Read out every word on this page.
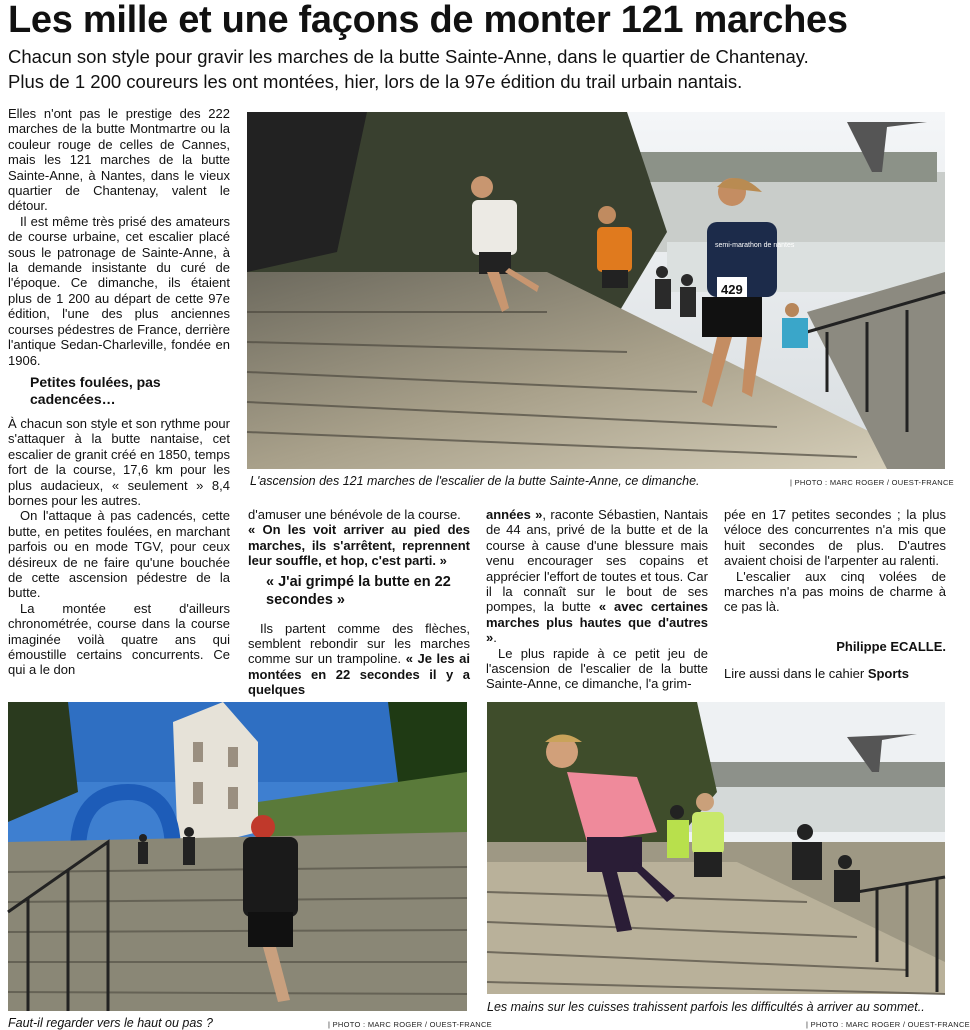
Les mille et une façons de monter 121 marches
Chacun son style pour gravir les marches de la butte Sainte-Anne, dans le quartier de Chantenay.
Plus de 1 200 coureurs les ont montées, hier, lors de la 97e édition du trail urbain nantais.

Elles n'ont pas le prestige des 222 marches de la butte Montmartre ou la couleur rouge de celles de Cannes, mais les 121 marches de la butte Sainte-Anne, à Nantes, dans le vieux quartier de Chantenay, valent le détour.

Il est même très prisé des amateurs de course urbaine, cet escalier placé sous le patronage de Sainte-Anne, à la demande insistante du curé de l'époque. Ce dimanche, ils étaient plus de 1 200 au départ de cette 97e édition, l'une des plus anciennes courses pédestres de France, derrière l'antique Sedan-Charleville, fondée en 1906.

Petites foulées, pas cadencées…

À chacun son style et son rythme pour s'attaquer à la butte nantaise, cet escalier de granit créé en 1850, temps fort de la course, 17,6 km pour les plus audacieux, « seulement » 8,4 bornes pour les autres.

On l'attaque à pas cadencés, cette butte, en petites foulées, en marchant parfois ou en mode TGV, pour ceux désireux de ne faire qu'une bouchée de cette ascension pédestre de la butte.

La montée est d'ailleurs chronométrée, course dans la course imaginée voilà quatre ans qui émoustille certains concurrents. Ce qui a le don

429
semi-marathon de nantes
L'ascension des 121 marches de l'escalier de la butte Sainte-Anne, ce dimanche.	| PHOTO : MARC ROGER / OUEST-FRANCE

d'amuser une bénévole de la course.

« On les voit arriver au pied des marches, ils s'arrêtent, reprennent leur souffle, et hop, c'est parti. »

« J'ai grimpé la butte en 22 secondes »

Ils partent comme des flèches, semblent rebondir sur les marches comme sur un trampoline. « Je les ai montées en 22 secondes il y a quelques

années », raconte Sébastien, Nantais de 44 ans, privé de la butte et de la course à cause d'une blessure mais venu encourager ses copains et apprécier l'effort de toutes et tous. Car il la connaît sur le bout de ses pompes, la butte « avec certaines marches plus hautes que d'autres ».

Le plus rapide à ce petit jeu de l'ascension de l'escalier de la butte Sainte-Anne, ce dimanche, l'a grim-

pée en 17 petites secondes ; la plus véloce des concurrentes n'a mis que huit secondes de plus. D'autres avaient choisi de l'arpenter au ralenti.

L'escalier aux cinq volées de marches n'a pas moins de charme à ce pas là.

Philippe ECALLE.

Lire aussi dans le cahier Sports

Faut-il regarder vers le haut ou pas ?	| PHOTO : MARC ROGER / OUEST-FRANCE
Les mains sur les cuisses trahissent parfois les difficultés à arriver au sommet..
| PHOTO : MARC ROGER / OUEST-FRANCE
